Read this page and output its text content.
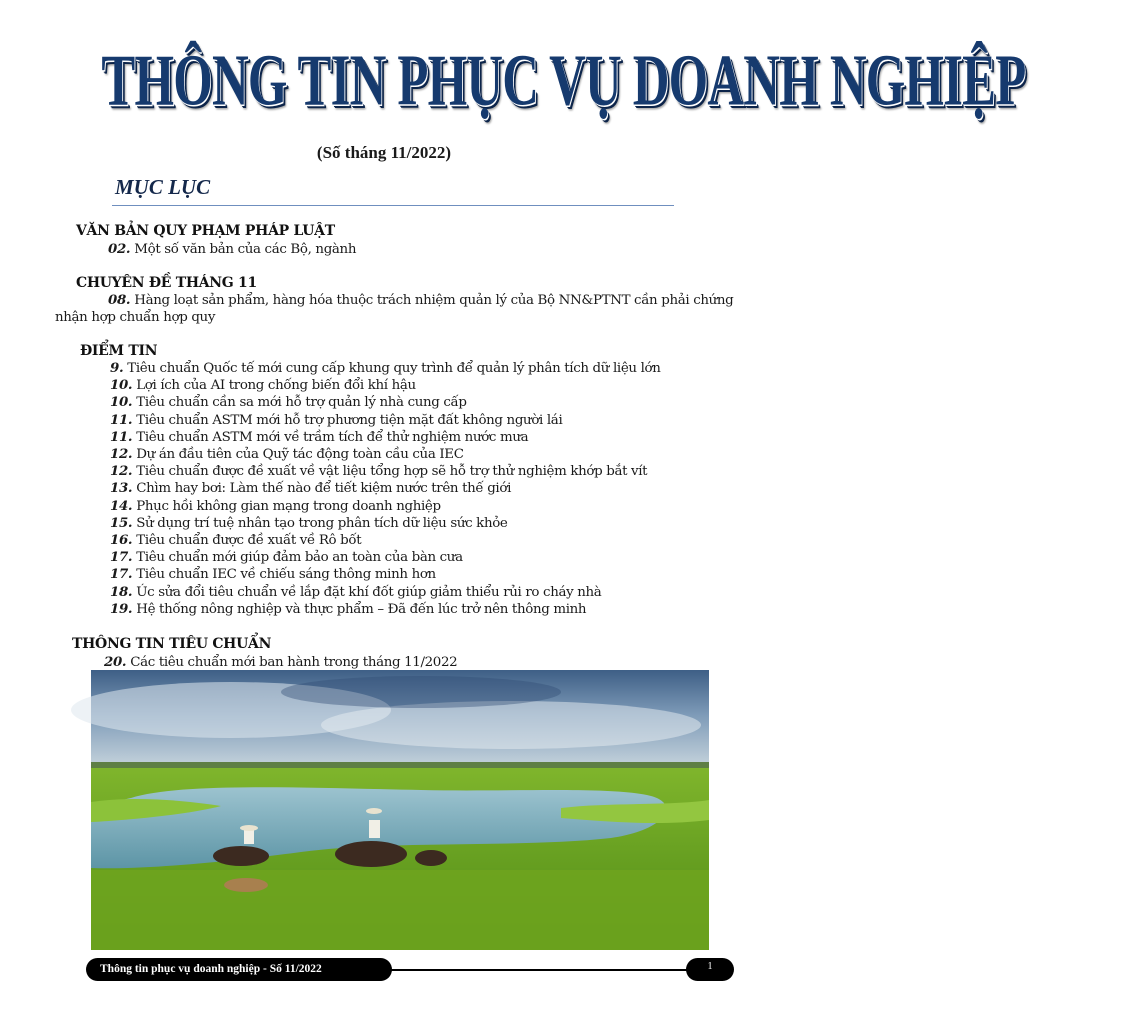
THÔNG TIN PHỤC VỤ DOANH NGHIỆP
(Số tháng 11/2022)
MỤC LỤC
VĂN BẢN QUY PHẠM PHÁP LUẬT
02. Một số văn bản của các Bộ, ngành
CHUYÊN ĐỀ THÁNG 11
08. Hàng loạt sản phẩm, hàng hóa thuộc trách nhiệm quản lý của Bộ NN&PTNT cần phải chứng nhận hợp chuẩn hợp quy
ĐIỂM TIN
9. Tiêu chuẩn Quốc tế mới cung cấp khung quy trình để quản lý phân tích dữ liệu lớn
10. Lợi ích của AI trong chống biến đổi khí hậu
10. Tiêu chuẩn cần sa mới hỗ trợ quản lý nhà cung cấp
11. Tiêu chuẩn ASTM mới hỗ trợ phương tiện mặt đất không người lái
11. Tiêu chuẩn ASTM mới về trầm tích để thử nghiệm nước mưa
12. Dự án đầu tiên của Quỹ tác động toàn cầu của IEC
12. Tiêu chuẩn được đề xuất về vật liệu tổng hợp sẽ hỗ trợ thử nghiệm khớp bắt vít
13. Chìm hay bơi: Làm thế nào để tiết kiệm nước trên thế giới
14. Phục hồi không gian mạng trong doanh nghiệp
15. Sử dụng trí tuệ nhân tạo trong phân tích dữ liệu sức khỏe
16. Tiêu chuẩn được đề xuất về Rô bốt
17. Tiêu chuẩn mới giúp đảm bảo an toàn của bàn cưa
17. Tiêu chuẩn IEC về chiếu sáng thông minh hơn
18. Úc sửa đổi tiêu chuẩn về lắp đặt khí đốt giúp giảm thiểu rủi ro cháy nhà
19. Hệ thống nông nghiệp và thực phẩm – Đã đến lúc trở nên thông minh
THÔNG TIN TIÊU CHUẨN
20. Các tiêu chuẩn mới ban hành trong tháng 11/2022
Thông tin phục vụ doanh nghiệp - Số 11/2022	1
